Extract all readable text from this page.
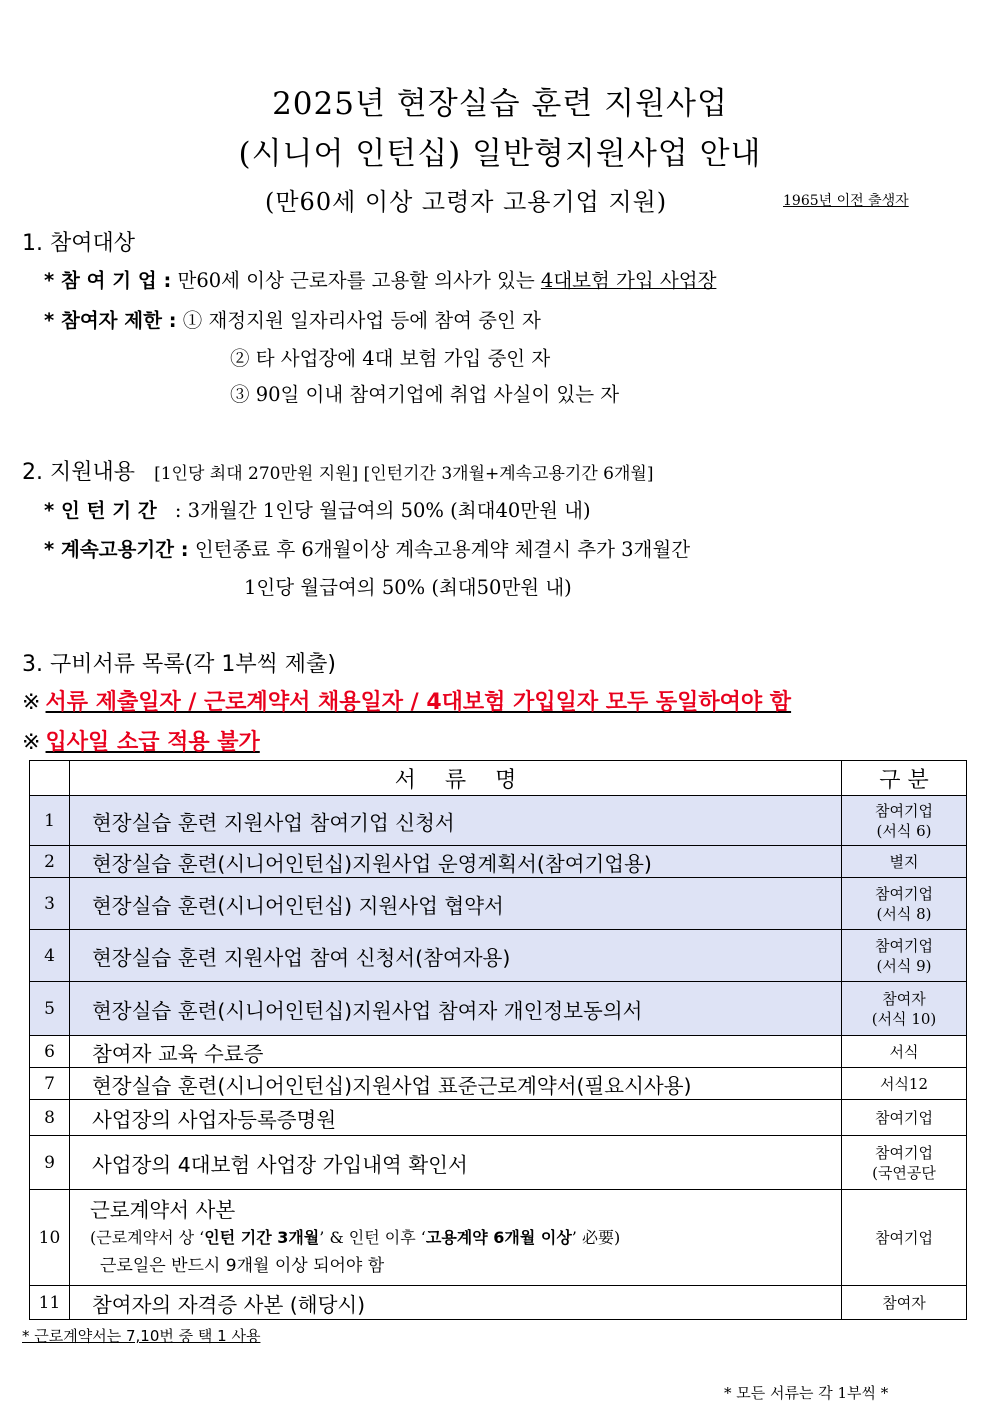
2025년 현장실습 훈련 지원사업
(시니어 인턴십) 일반형지원사업 안내
(만60세 이상 고령자 고용기업 지원)	1965년 이전 출생자
1. 참여대상
* 참 여 기 업 : 만60세 이상 근로자를 고용할 의사가 있는 4대보험 가입 사업장
* 참여자 제한 : ① 재정지원 일자리사업 등에 참여 중인 자
② 타 사업장에 4대 보험 가입 중인 자
③ 90일 이내 참여기업에 취업 사실이 있는 자
2. 지원내용 [1인당 최대 270만원 지원] [인턴기간 3개월+계속고용기간 6개월]
* 인 턴 기 간 : 3개월간 1인당 월급여의 50% (최대40만원 내)
* 계속고용기간 : 인턴종료 후 6개월이상 계속고용계약 체결시 추가 3개월간
1인당 월급여의 50% (최대50만원 내)
3. 구비서류 목록(각 1부씩 제출)
※ 서류 제출일자 / 근로계약서 채용일자 / 4대보험 가입일자 모두 동일하여야 함
※ 입사일 소급 적용 불가
	서　 류　 명	구 분
1	현장실습 훈련 지원사업 참여기업 신청서	참여기업
(서식 6)

2	현장실습 훈련(시니어인턴십)지원사업 운영계획서(참여기업용)	별지

3	현장실습 훈련(시니어인턴십) 지원사업 협약서	참여기업
(서식 8)

4	현장실습 훈련 지원사업 참여 신청서(참여자용)	참여기업
(서식 9)

5	현장실습 훈련(시니어인턴십)지원사업 참여자 개인정보동의서	참여자
(서식 10)

6	참여자 교육 수료증	서식

7	현장실습 훈련(시니어인턴십)지원사업 표준근로계약서(필요시사용)	서식12

8	사업장의 사업자등록증명원	참여기업

9	사업장의 4대보험 사업장 가입내역 확인서	참여기업
(국연공단

10	근로계약서 사본
(근로계약서 상 ‘인턴 기간 3개월’ & 인턴 이후 ‘고용계약 6개월 이상’ 必要)
근로일은 반드시 9개월 이상 되어야 함	참여기업

11	참여자의 자격증 사본 (해당시)	참여자
* 근로계약서는 7,10번 중 택 1 사용
* 모든 서류는 각 1부씩 *
